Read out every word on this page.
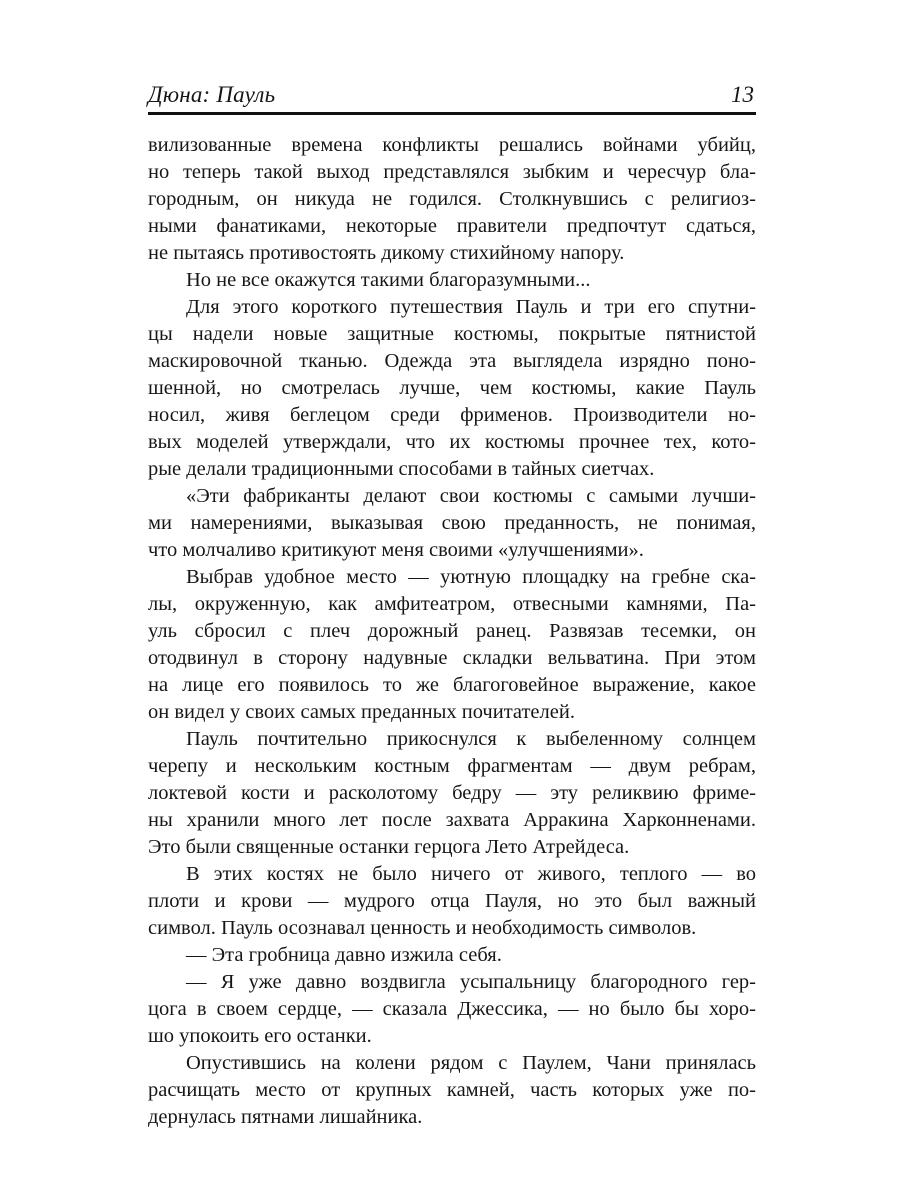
Дюна: Пауль	13
вилизованные времена конфликты решались войнами убийц,
но теперь такой выход представлялся зыбким и чересчур бла-
городным, он никуда не годился. Столкнувшись с религиоз-
ными фанатиками, некоторые правители предпочтут сдаться,
не пытаясь противостоять дикому стихийному напору.
Но не все окажутся такими благоразумными...
Для этого короткого путешествия Пауль и три его спутни-
цы надели новые защитные костюмы, покрытые пятнистой
маскировочной тканью. Одежда эта выглядела изрядно поно-
шенной, но смотрелась лучше, чем костюмы, какие Пауль
носил, живя беглецом среди фрименов. Производители но-
вых моделей утверждали, что их костюмы прочнее тех, кото-
рые делали традиционными способами в тайных сиетчах.
«Эти фабриканты делают свои костюмы с самыми лучши-
ми намерениями, выказывая свою преданность, не понимая,
что молчаливо критикуют меня своими «улучшениями».
Выбрав удобное место — уютную площадку на гребне ска-
лы, окруженную, как амфитеатром, отвесными камнями, Па-
уль сбросил с плеч дорожный ранец. Развязав тесемки, он
отодвинул в сторону надувные складки вельватина. При этом
на лице его появилось то же благоговейное выражение, какое
он видел у своих самых преданных почитателей.
Пауль почтительно прикоснулся к выбеленному солнцем
черепу и нескольким костным фрагментам — двум ребрам,
локтевой кости и расколотому бедру — эту реликвию фриме-
ны хранили много лет после захвата Арракина Харконненами.
Это были священные останки герцога Лето Атрейдеса.
В этих костях не было ничего от живого, теплого — во
плоти и крови — мудрого отца Пауля, но это был важный
символ. Пауль осознавал ценность и необходимость символов.
— Эта гробница давно изжила себя.
— Я уже давно воздвигла усыпальницу благородного гер-
цога в своем сердце, — сказала Джессика, — но было бы хоро-
шо упокоить его останки.
Опустившись на колени рядом с Паулем, Чани принялась
расчищать место от крупных камней, часть которых уже по-
дернулась пятнами лишайника.
